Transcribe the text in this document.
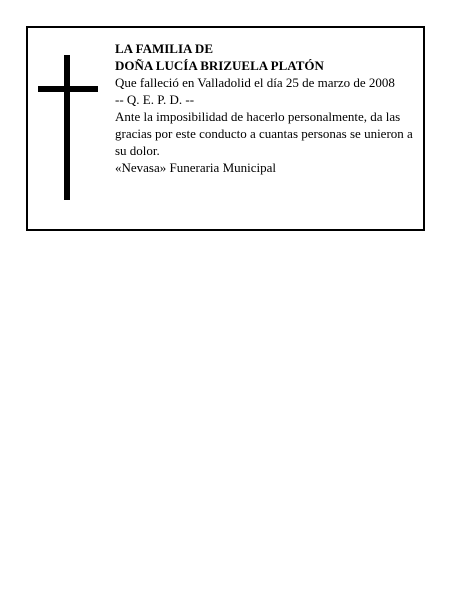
LA FAMILIA DE

DOÑA LUCÍA BRIZUELA PLATÓN

Que falleció en Valladolid el día 25 de marzo de 2008

-- Q. E. P. D. --

Ante la imposibilidad de hacerlo personalmente, da las gracias por este conducto a cuantas personas se unieron a su dolor.

«Nevasa» Funeraria Municipal
